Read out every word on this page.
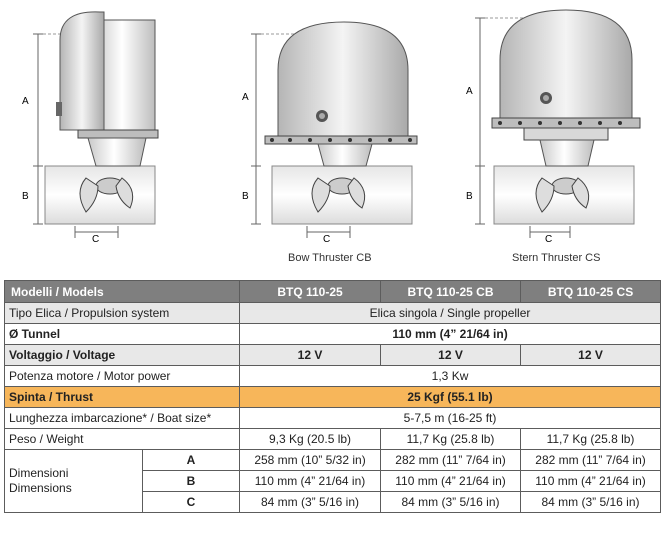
A
B
C
A
B
C
A
B
C
Bow Thruster CB	Stern Thruster CS
Modelli / Models		BTQ 110-25	BTQ 110-25 CB	BTQ 110-25 CS
Tipo Elica / Propulsion system		Elica singola / Single propeller		
Ø Tunnel		110 mm (4” 21/64 in)		
Voltaggio / Voltage		12 V	12 V	12 V
Potenza motore / Motor power		1,3 Kw		
Spinta / Thrust		25 Kgf (55.1 lb)		
Lunghezza imbarcazione* / Boat size*		5-7,5 m (16-25 ft)		
Peso / Weight		9,3 Kg (20.5 lb)	11,7 Kg (25.8 lb)	11,7 Kg (25.8 lb)
Dimensioni
Dimensions	A	258 mm (10” 5/32 in)	282 mm (11” 7/64 in)	282 mm (11” 7/64 in)
	B	110 mm (4” 21/64 in)	110 mm (4” 21/64 in)	110 mm (4” 21/64 in)
	C	84 mm (3” 5/16 in)	84 mm (3” 5/16 in)	84 mm (3” 5/16 in)
